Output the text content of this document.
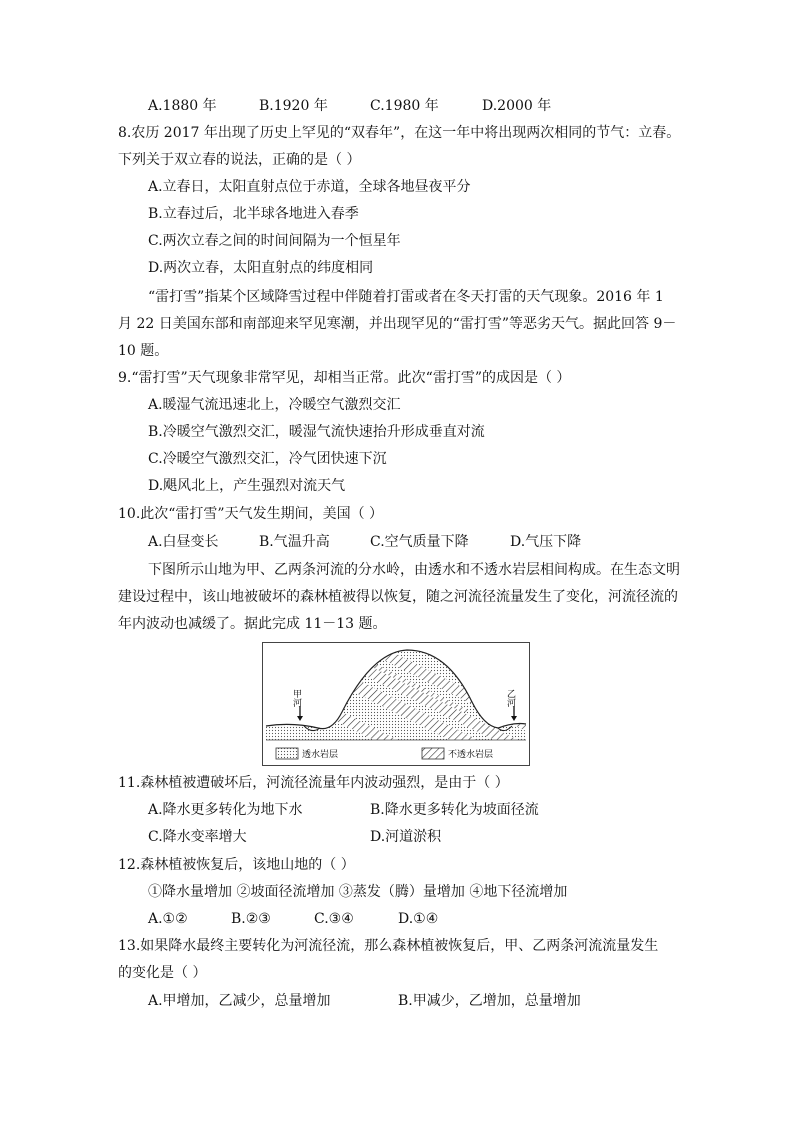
A.1880 年	B.1920 年	C.1980 年	D.2000 年
8.农历 2017 年出现了历史上罕见的“双春年”，在这一年中将出现两次相同的节气：立春。
下列关于双立春的说法，正确的是（ ）
A.立春日，太阳直射点位于赤道，全球各地昼夜平分
B.立春过后，北半球各地进入春季
C.两次立春之间的时间间隔为一个恒星年
D.两次立春，太阳直射点的纬度相同
“雷打雪”指某个区域降雪过程中伴随着打雷或者在冬天打雷的天气现象。2016 年 1
月 22 日美国东部和南部迎来罕见寒潮，并出现罕见的“雷打雪”等恶劣天气。据此回答 9－
10 题。
9.“雷打雪”天气现象非常罕见，却相当正常。此次“雷打雪”的成因是（ ）
A.暖湿气流迅速北上，冷暖空气激烈交汇
B.冷暖空气激烈交汇，暖湿气流快速抬升形成垂直对流
C.冷暖空气激烈交汇，冷气团快速下沉
D.飓风北上，产生强烈对流天气
10.此次“雷打雪”天气发生期间，美国（ ）
A.白昼变长	B.气温升高	C.空气质量下降	D.气压下降
下图所示山地为甲、乙两条河流的分水岭，由透水和不透水岩层相间构成。在生态文明
建设过程中，该山地被破坏的森林植被得以恢复，随之河流径流量发生了变化，河流径流的
年内波动也减缓了。据此完成 11－13 题。
甲河	乙河
透水岩层	不透水岩层
11.森林植被遭破坏后，河流径流量年内波动强烈，是由于（ ）
A.降水更多转化为地下水	B.降水更多转化为坡面径流
C.降水变率增大	D.河道淤积
12.森林植被恢复后，该地山地的（ ）
①降水量增加 ②坡面径流增加 ③蒸发（腾）量增加 ④地下径流增加
A.①②	B.②③	C.③④	D.①④
13.如果降水最终主要转化为河流径流，那么森林植被恢复后，甲、乙两条河流流量发生
的变化是（ ）
A.甲增加，乙减少，总量增加	B.甲减少，乙增加，总量增加
